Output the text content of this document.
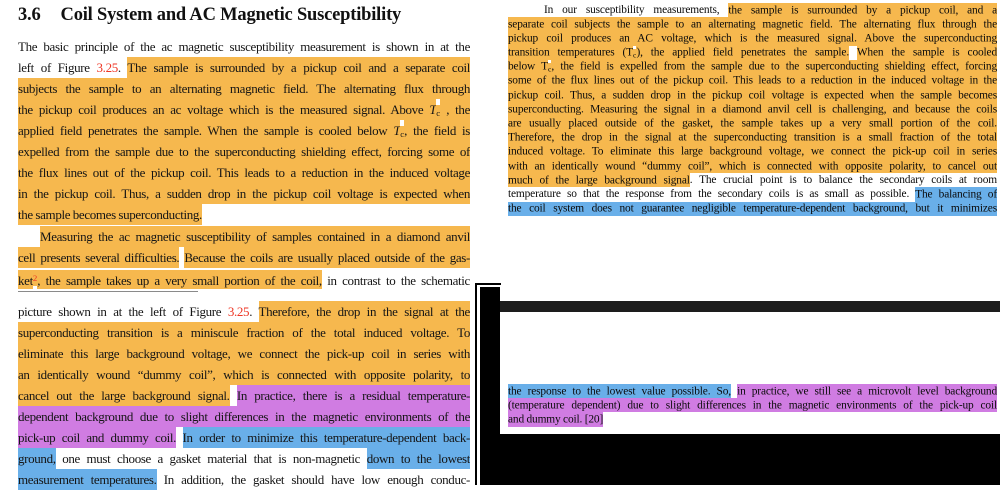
3.6 Coil System and AC Magnetic Susceptibility
The basic principle of the ac magnetic susceptibility measurement is shown in at the
left of Figure 3.25. The sample is surrounded by a pickup coil and a separate coil
subjects the sample to an alternating magnetic field. The alternating flux through
the pickup coil produces an ac voltage which is the measured signal. Above Tc , the
applied field penetrates the sample. When the sample is cooled below Tc, the field is
expelled from the sample due to the superconducting shielding effect, forcing some of
the flux lines out of the pickup coil. This leads to a reduction in the induced voltage
in the pickup coil. Thus, a sudden drop in the pickup coil voltage is expected when
the sample becomes superconducting.
Measuring the ac magnetic susceptibility of samples contained in a diamond anvil
cell presents several difficulties. Because the coils are usually placed outside of the gas-
ket$^2$, the sample takes up a very small portion of the coil, in contrast to the schematic
picture shown in at the left of Figure 3.25. Therefore, the drop in the signal at the
superconducting transition is a miniscule fraction of the total induced voltage. To
eliminate this large background voltage, we connect the pick-up coil in series with
an identically wound “dummy coil”, which is connected with opposite polarity, to
cancel out the large background signal. In practice, there is a residual temperature-
dependent background due to slight differences in the magnetic environments of the
pick-up coil and dummy coil. In order to minimize this temperature-dependent back-
ground, one must choose a gasket material that is non-magnetic down to the lowest
measurement temperatures. In addition, the gasket should have low enough conduc-
In our susceptibility measurements, the sample is surrounded by a pickup coil, and a
separate coil subjects the sample to an alternating magnetic field. The alternating flux through the
pickup coil produces an AC voltage, which is the measured signal. Above the superconducting
transition temperatures (Tc), the applied field penetrates the sample. When the sample is cooled
below Tc, the field is expelled from the sample due to the superconducting shielding effect, forcing
some of the flux lines out of the pickup coil. This leads to a reduction in the induced voltage in the
pickup coil. Thus, a sudden drop in the pickup coil voltage is expected when the sample becomes
superconducting. Measuring the signal in a diamond anvil cell is challenging, and because the coils
are usually placed outside of the gasket, the sample takes up a very small portion of the coil.
Therefore, the drop in the signal at the superconducting transition is a small fraction of the total
induced voltage. To eliminate this large background voltage, we connect the pick-up coil in series
with an identically wound “dummy coil”, which is connected with opposite polarity, to cancel out
much of the large background signal. The crucial point is to balance the secondary coils at room
temperature so that the response from the secondary coils is as small as possible. The balancing of
the coil system does not guarantee negligible temperature-dependent background, but it minimizes
the response to the lowest value possible. So, in practice, we still see a microvolt level background
(temperature dependent) due to slight differences in the magnetic environments of the pick-up coil
and dummy coil. [20]
